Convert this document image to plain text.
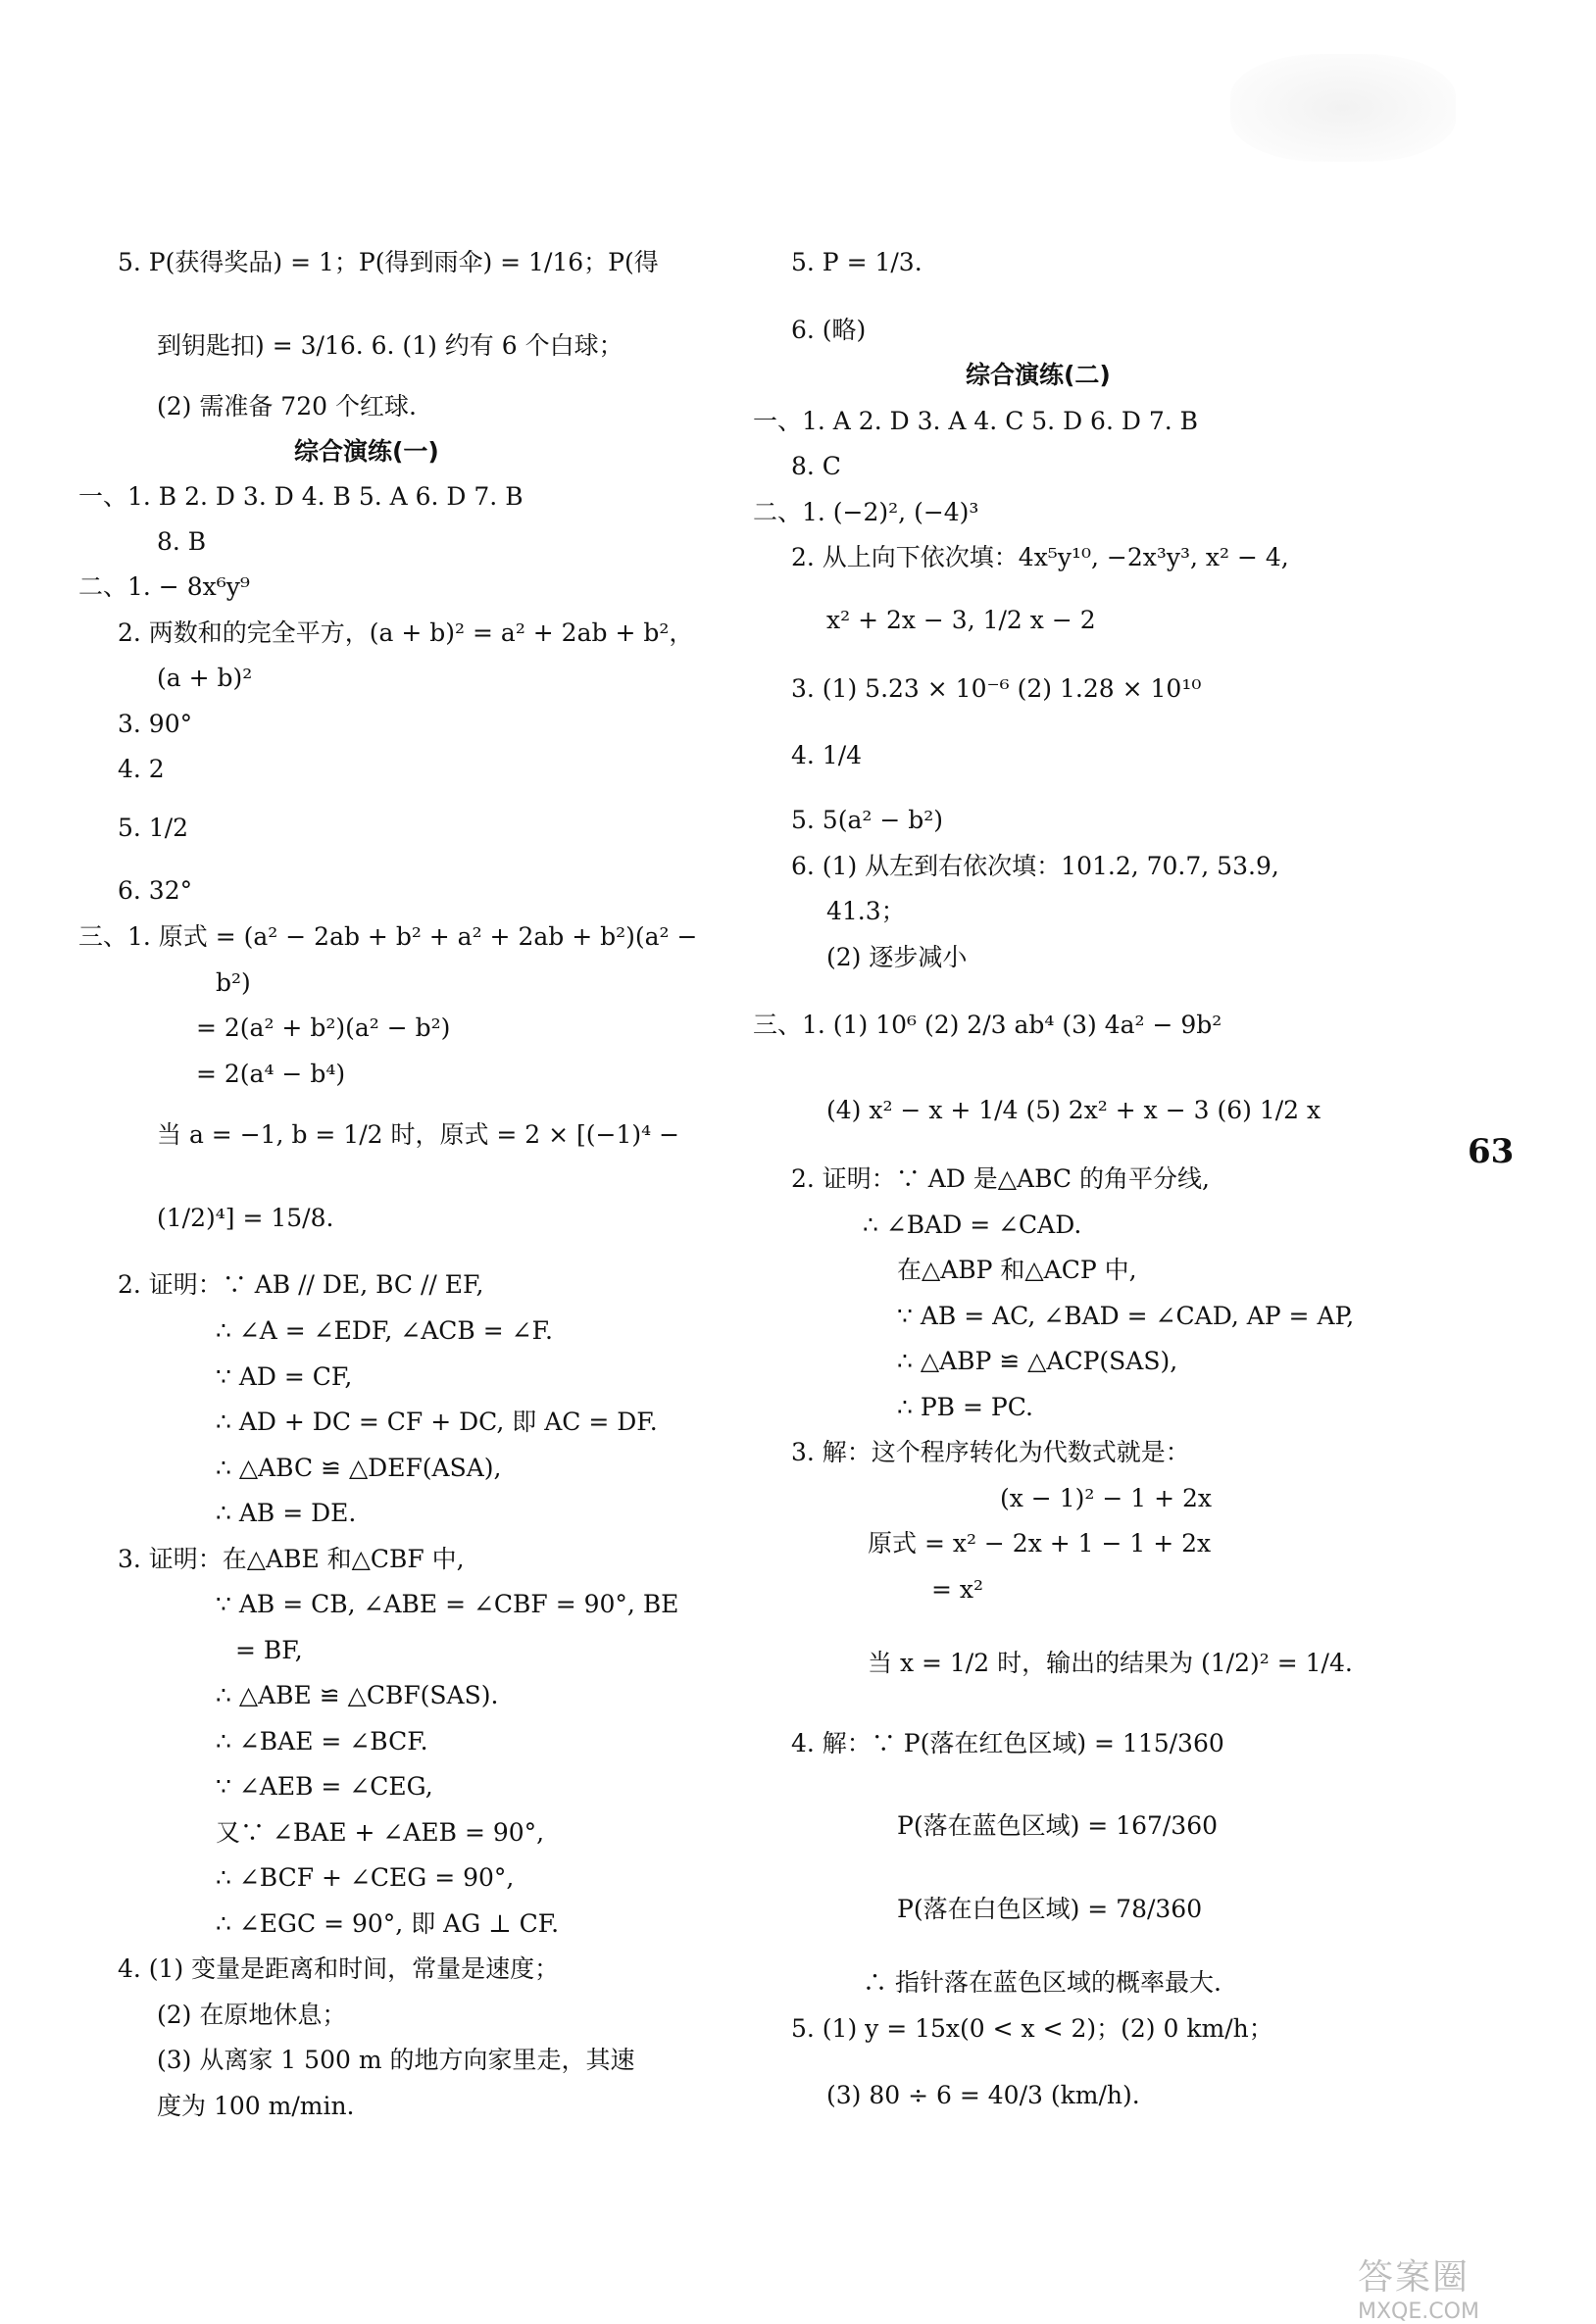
5. P(获得奖品) = 1；P(得到雨伞) = 1/16；P(得
到钥匙扣) = 3/16. 6. (1) 约有 6 个白球；
(2) 需准备 720 个红球.
综合演练(一)
一、1. B 2. D 3. D 4. B 5. A 6. D 7. B
8. B
二、1. − 8x⁶y⁹
2. 两数和的完全平方，(a + b)² = a² + 2ab + b²，
(a + b)²
3. 90°
4. 2
5. 1/2
6. 32°
三、1. 原式 = (a² − 2ab + b² + a² + 2ab + b²)(a² −
b²)
= 2(a² + b²)(a² − b²)
= 2(a⁴ − b⁴)
当 a = −1, b = 1/2 时，原式 = 2 × [(−1)⁴ −
(1/2)⁴] = 15/8.
2. 证明：∵ AB // DE, BC // EF,
∴ ∠A = ∠EDF, ∠ACB = ∠F.
∵ AD = CF,
∴ AD + DC = CF + DC, 即 AC = DF.
∴ △ABC ≌ △DEF(ASA),
∴ AB = DE.
3. 证明：在△ABE 和△CBF 中,
∵ AB = CB, ∠ABE = ∠CBF = 90°, BE
= BF,
∴ △ABE ≌ △CBF(SAS).
∴ ∠BAE = ∠BCF.
∵ ∠AEB = ∠CEG,
又∵ ∠BAE + ∠AEB = 90°,
∴ ∠BCF + ∠CEG = 90°,
∴ ∠EGC = 90°, 即 AG ⊥ CF.
4. (1) 变量是距离和时间，常量是速度；
(2) 在原地休息；
(3) 从离家 1 500 m 的地方向家里走，其速
度为 100 m/min.
5. P = 1/3.
6. (略)
综合演练(二)
一、1. A 2. D 3. A 4. C 5. D 6. D 7. B
8. C
二、1. (−2)², (−4)³
2. 从上向下依次填：4x⁵y¹⁰, −2x³y³, x² − 4,
x² + 2x − 3, 1/2 x − 2
3. (1) 5.23 × 10⁻⁶ (2) 1.28 × 10¹⁰
4. 1/4
5. 5(a² − b²)
6. (1) 从左到右依次填：101.2, 70.7, 53.9,
41.3；
(2) 逐步减小
三、1. (1) 10⁶ (2) 2/3 ab⁴ (3) 4a² − 9b²
(4) x² − x + 1/4 (5) 2x² + x − 3 (6) 1/2 x
2. 证明：∵ AD 是△ABC 的角平分线,
∴ ∠BAD = ∠CAD.
在△ABP 和△ACP 中,
∵ AB = AC, ∠BAD = ∠CAD, AP = AP,
∴ △ABP ≌ △ACP(SAS),
∴ PB = PC.
3. 解：这个程序转化为代数式就是：
(x − 1)² − 1 + 2x
原式 = x² − 2x + 1 − 1 + 2x
= x²
当 x = 1/2 时，输出的结果为 (1/2)² = 1/4.
4. 解：∵ P(落在红色区域) = 115/360
P(落在蓝色区域) = 167/360
P(落在白色区域) = 78/360
∴ 指针落在蓝色区域的概率最大.
5. (1) y = 15x(0 < x < 2)；(2) 0 km/h；
(3) 80 ÷ 6 = 40/3 (km/h).
63
答案圈
MXQE.COM
